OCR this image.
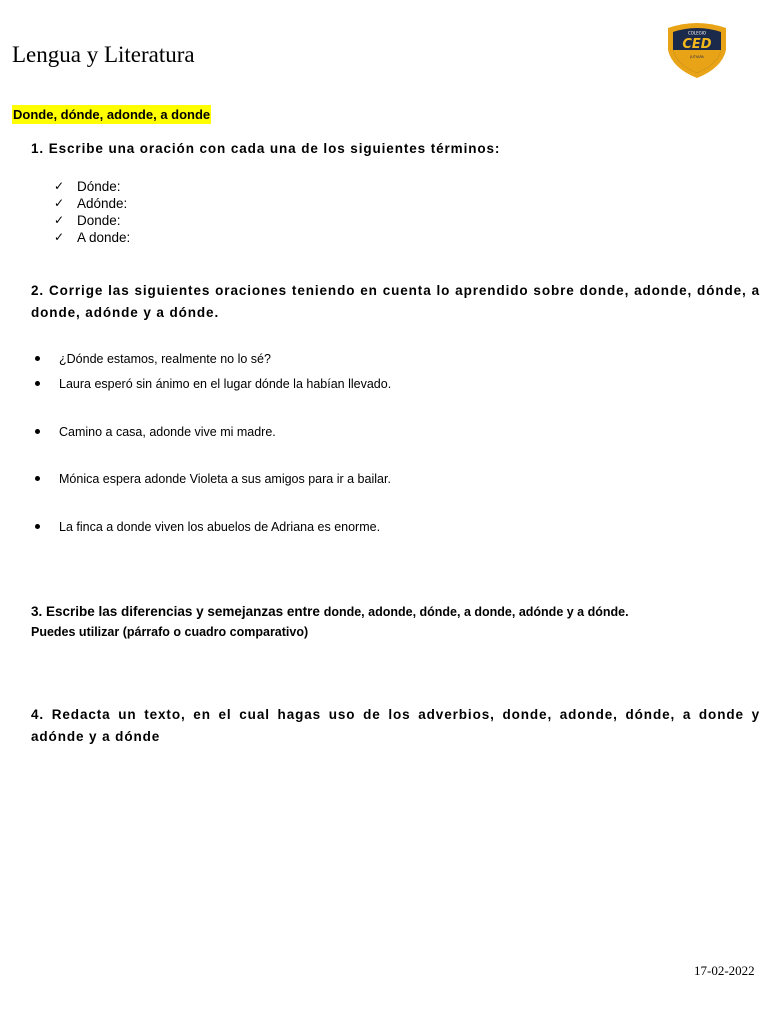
Lengua y Literatura
COLEGIO
CED
JUTIAPA
Donde, dónde, adonde, a donde
1. Escribe una oración con cada una de los siguientes términos:
✓ Dónde:
✓ Adónde:
✓ Donde:
✓ A donde:
2. Corrige las siguientes oraciones teniendo en cuenta lo aprendido sobre donde, adonde, dónde, a donde, adónde y a dónde.
¿Dónde estamos, realmente no lo sé?
Laura esperó sin ánimo en el lugar dónde la habían llevado.
Camino a casa, adonde vive mi madre.
Mónica espera adonde Violeta a sus amigos para ir a bailar.
La finca a donde viven los abuelos de Adriana es enorme.
3. Escribe las diferencias y semejanzas entre donde, adonde, dónde, a donde, adónde y a dónde.
Puedes utilizar (párrafo o cuadro comparativo)
4. Redacta un texto, en el cual hagas uso de los adverbios, donde, adonde, dónde, a donde y adónde y a dónde
17-02-2022
